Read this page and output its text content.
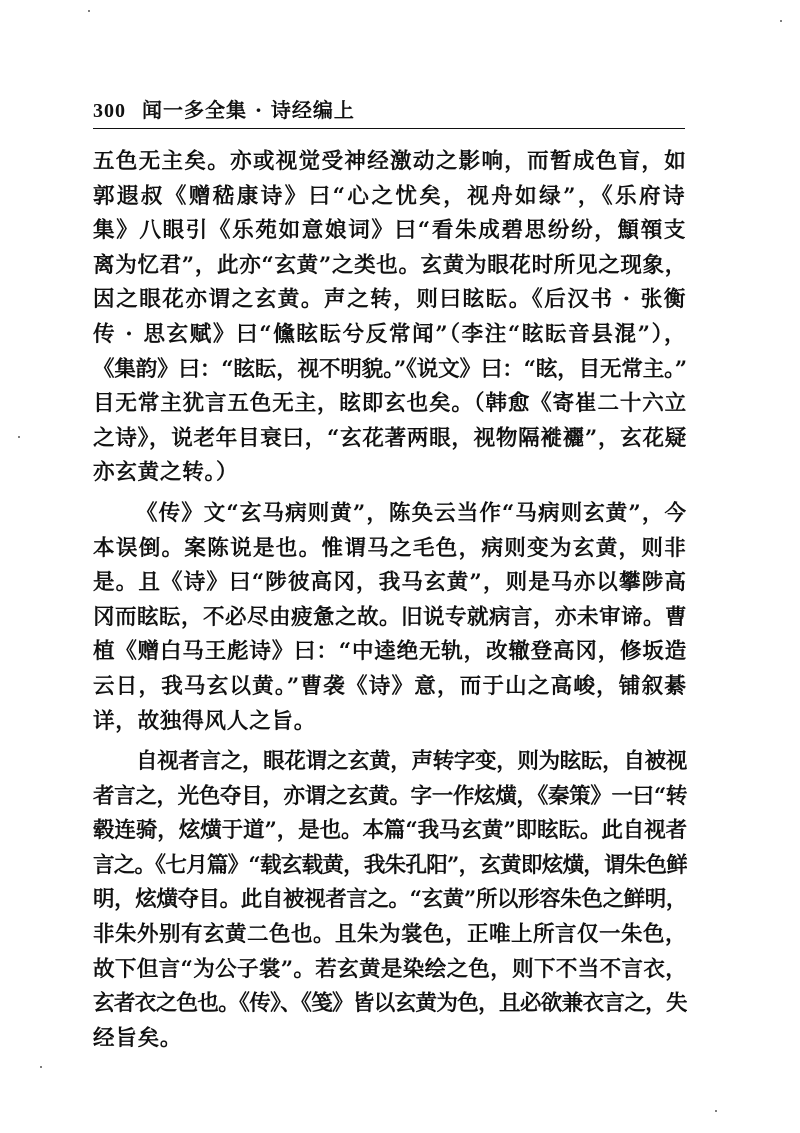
300 闻一多全集 · 诗经编上
五色无主矣。亦或视觉受神经激动之影响，而暂成色盲，如
郭遐叔《赠嵇康诗》曰“心之忧矣，视舟如绿”，《乐府诗
集》八眼引《乐苑如意娘词》曰“看朱成碧思纷纷，顦顇支
离为忆君”，此亦“玄黄”之类也。玄黄为眼花时所见之现象，
因之眼花亦谓之玄黄。声之转，则曰眩眃。《后汉书 · 张衡
传 · 思玄赋》曰“儵眩眃兮反常闻”（李注“眩眃音县混”），
《集韵》曰：“眩眃，视不明貌。”《说文》曰：“眩，目无常主。”
目无常主犹言五色无主，眩即玄也矣。（韩愈《寄崔二十六立
之诗》，说老年目衰曰，“玄花著两眼，视物隔褷襹”，玄花疑
亦玄黄之转。）
《传》文“玄马病则黄”，陈奂云当作“马病则玄黄”，今
本误倒。案陈说是也。惟谓马之毛色，病则变为玄黄，则非
是。且《诗》曰“陟彼高冈，我马玄黄”，则是马亦以攀陟高
冈而眩眃，不必尽由疲惫之故。旧说专就病言，亦未审谛。曹
植《赠白马王彪诗》曰：“中逵绝无轨，改辙登高冈，修坂造
云日，我马玄以黄。”曹袭《诗》意，而于山之高峻，铺叙綦
详，故独得风人之旨。
自视者言之，眼花谓之玄黄，声转字变，则为眩眃，自被视
者言之，光色夺目，亦谓之玄黄。字一作炫熿，《秦策》一曰“转
毂连骑，炫熿于道”，是也。本篇“我马玄黄”即眩眃。此自视者
言之。《七月篇》“载玄载黄，我朱孔阳”，玄黄即炫熿，谓朱色鲜
明，炫熿夺目。此自被视者言之。“玄黄”所以形容朱色之鲜明，
非朱外别有玄黄二色也。且朱为裳色，正唯上所言仅一朱色，
故下但言“为公子裳”。若玄黄是染绘之色，则下不当不言衣，
玄者衣之色也。《传》、《笺》皆以玄黄为色，且必欲兼衣言之，失
经旨矣。
